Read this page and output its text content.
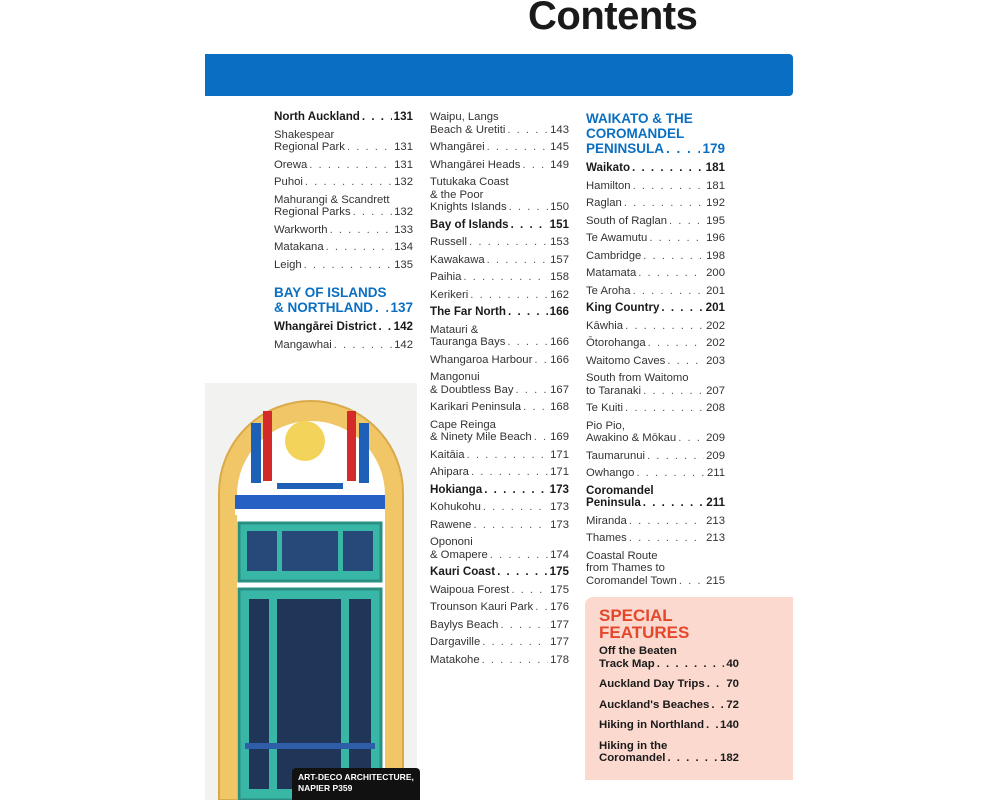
Contents
North Auckland . . .	131
Shakespear
Regional Park . . .	131
Orewa . . .	131
Puhoi . . .	132
Mahurangi & Scandrett
Regional Parks . . .	132
Warkworth . . .	133
Matakana . . .	134
Leigh . . .	135
BAY OF ISLANDS
& NORTHLAND . . . 137
Whangārei District . . . 142
Mangawhai . . .	142
Waipu, Langs
Beach & Uretiti . . .	143
Whangārei . . .	145
Whangārei Heads . . .	149
Tutukaka Coast
& the Poor
Knights Islands . . .	150
Bay of Islands . . .	151
Russell . . .	153
Kawakawa . . .	157
Paihia . . .	158
Kerikeri . . .	162
The Far North . . .	166
Matauri &
Tauranga Bays . . .	166
Whangaroa Harbour . . . 166
Mangonui
& Doubtless Bay . . .	167
Karikari Peninsula . . .	168
Cape Reinga
& Ninety Mile Beach . . . 169
Kaitāia . . .	171
Ahipara . . .	171
Hokianga . . .	173
Kohukohu . . .	173
Rawene . . .	173
Opononi
& Omapere . . .	174
Kauri Coast . . .	175
Waipoua Forest . . .	175
Trounson Kauri Park . . . 176
Baylys Beach . . .	177
Dargaville . . .	177
Matakohe . . .	178
WAIKATO & THE
COROMANDEL
PENINSULA . . .	179
Waikato . . .	181
Hamilton . . .	181
Raglan . . .	192
South of Raglan . . .	195
Te Awamutu . . .	196
Cambridge . . .	198
Matamata . . .	200
Te Aroha . . .	201
King Country . . .	201
Kāwhia . . .	202
Ōtorohanga . . .	202
Waitomo Caves . . .	203
South from Waitomo
to Taranaki . . .	207
Te Kuiti . . .	208
Pio Pio,
Awakino & Mōkau . . .	209
Taumarunui . . .	209
Owhango . . .	211
Coromandel
Peninsula . . .	211
Miranda . . .	213
Thames . . .	213
Coastal Route
from Thames to
Coromandel Town . . .	215
ART-DECO ARCHITECTURE,
NAPIER P359
SPECIAL
FEATURES
Off the Beaten
Track Map . . .	40
Auckland Day Trips . . . 70
Auckland's Beaches . . . 72
Hiking in Northland . . . 140
Hiking in the
Coromandel . . .	182
